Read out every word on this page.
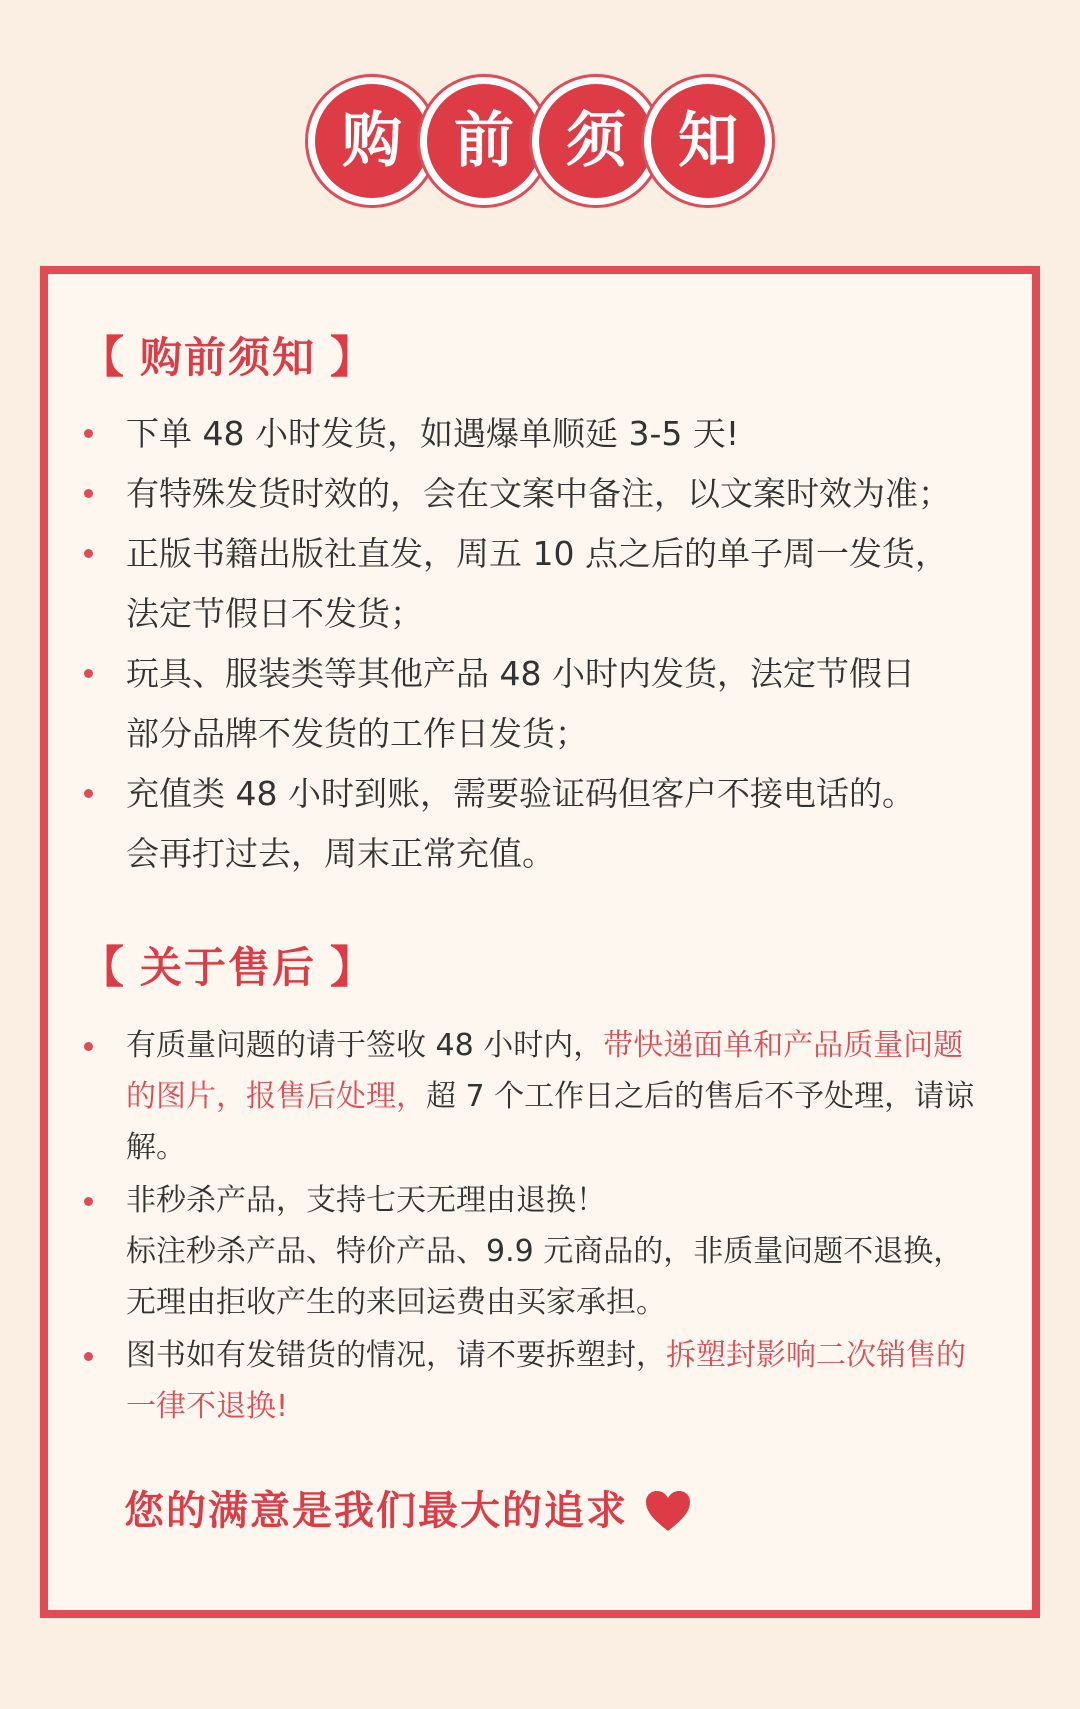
购 前 须 知
【 购前须知 】
下单 48 小时发货，如遇爆单顺延 3-5 天!
有特殊发货时效的，会在文案中备注，以文案时效为准；
正版书籍出版社直发，周五 10 点之后的单子周一发货，
法定节假日不发货；
玩具、服装类等其他产品 48 小时内发货，法定节假日
部分品牌不发货的工作日发货；
充值类 48 小时到账，需要验证码但客户不接电话的。
会再打过去，周末正常充值。
【 关于售后 】
有质量问题的请于签收 48 小时内，带快递面单和产品质量问题的图片，报售后处理，超 7 个工作日之后的售后不予处理，请谅解。
非秒杀产品，支持七天无理由退换！
标注秒杀产品、特价产品、9.9 元商品的，非质量问题不退换，
无理由拒收产生的来回运费由买家承担。
图书如有发错货的情况，请不要拆塑封，拆塑封影响二次销售的一律不退换!
您的满意是我们最大的追求
